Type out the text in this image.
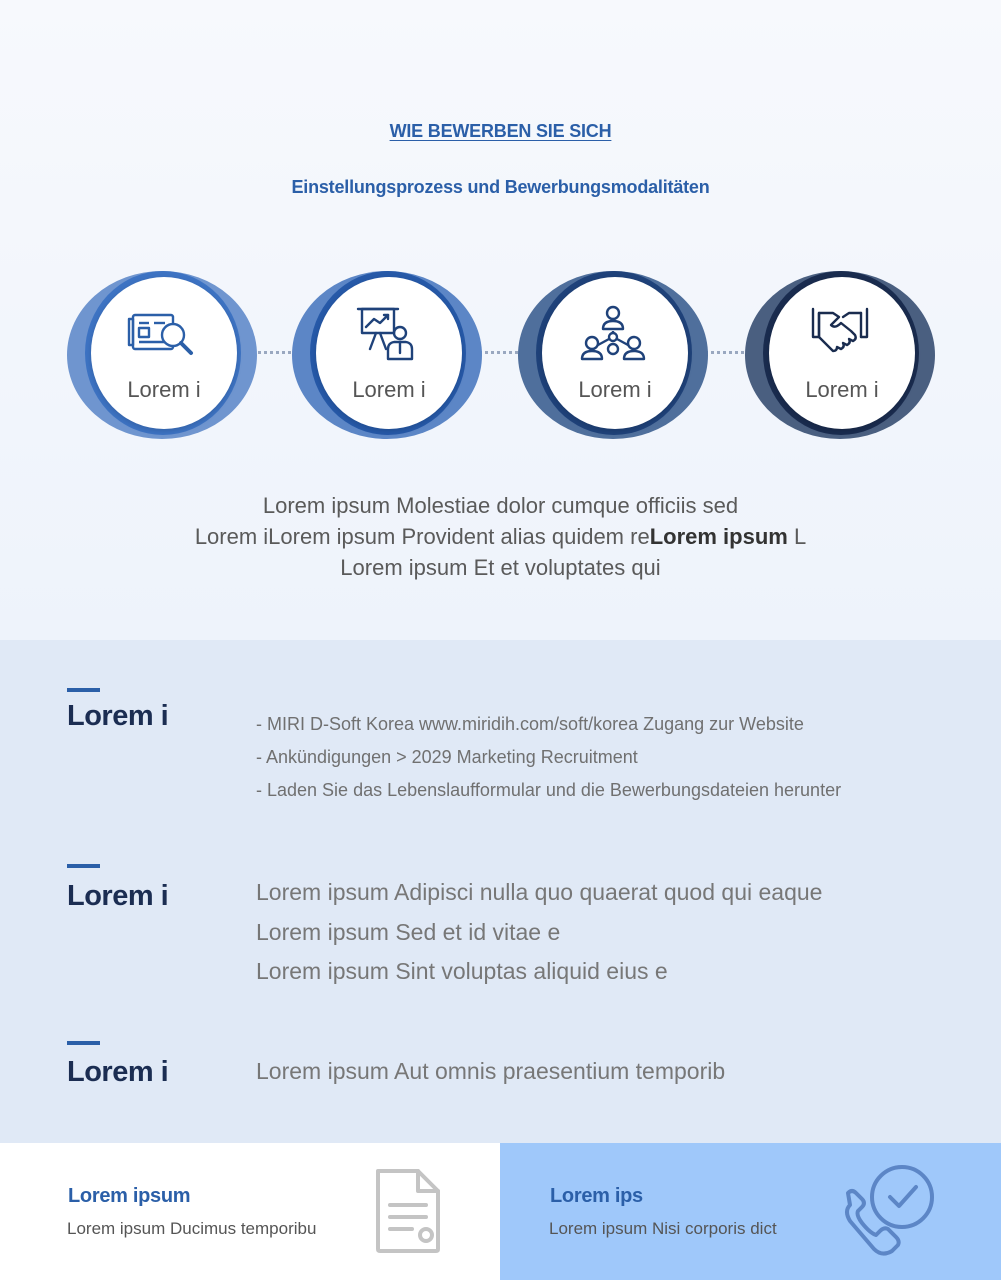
WIE BEWERBEN SIE SICH
Einstellungsprozess und Bewerbungsmodalitäten
Lorem i	Lorem i	Lorem i	Lorem i
Lorem ipsum Molestiae dolor cumque officiis sed
Lorem iLorem ipsum Provident alias quidem reLorem ipsum L
Lorem ipsum Et et voluptates qui
Lorem i	- MIRI D-Soft Korea www.miridih.com/soft/korea Zugang zur Website
- Ankündigungen > 2029 Marketing Recruitment
- Laden Sie das Lebenslaufformular und die Bewerbungsdateien herunter
Lorem i	Lorem ipsum Adipisci nulla quo quaerat quod qui eaque
Lorem ipsum Sed et id vitae e
Lorem ipsum Sint voluptas aliquid eius e
Lorem i	Lorem ipsum Aut omnis praesentium temporib
Lorem ipsum
Lorem ipsum Ducimus temporibu
Lorem ips
Lorem ipsum Nisi corporis dict
